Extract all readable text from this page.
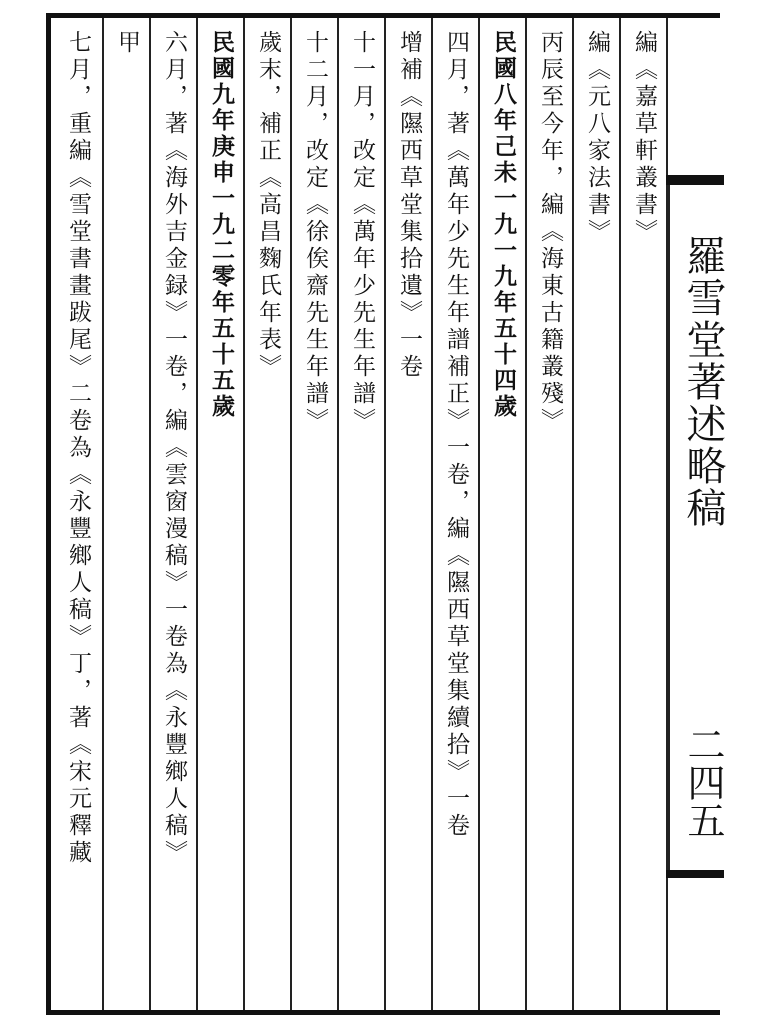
編《嘉草軒叢書》
編《元八家法書》
丙辰至今年，編《海東古籍叢殘》
民國八年己未一九一九年五十四歲
四月，著《萬年少先生年譜補正》一卷，編《隰西草堂集續拾》一卷
增補《隰西草堂集拾遺》一卷
十一月，改定《萬年少先生年譜》
十二月，改定《徐俟齋先生年譜》
歲末，補正《高昌麴氏年表》
民國九年庚申一九二零年五十五歲
六月，著《海外吉金録》一卷，編《雲窗漫稿》一卷為《永豐鄉人稿》
甲
七月，重編《雪堂書畫跋尾》二卷為《永豐鄉人稿》丁，著《宋元釋藏	羅雪堂著述略稿
二四五
